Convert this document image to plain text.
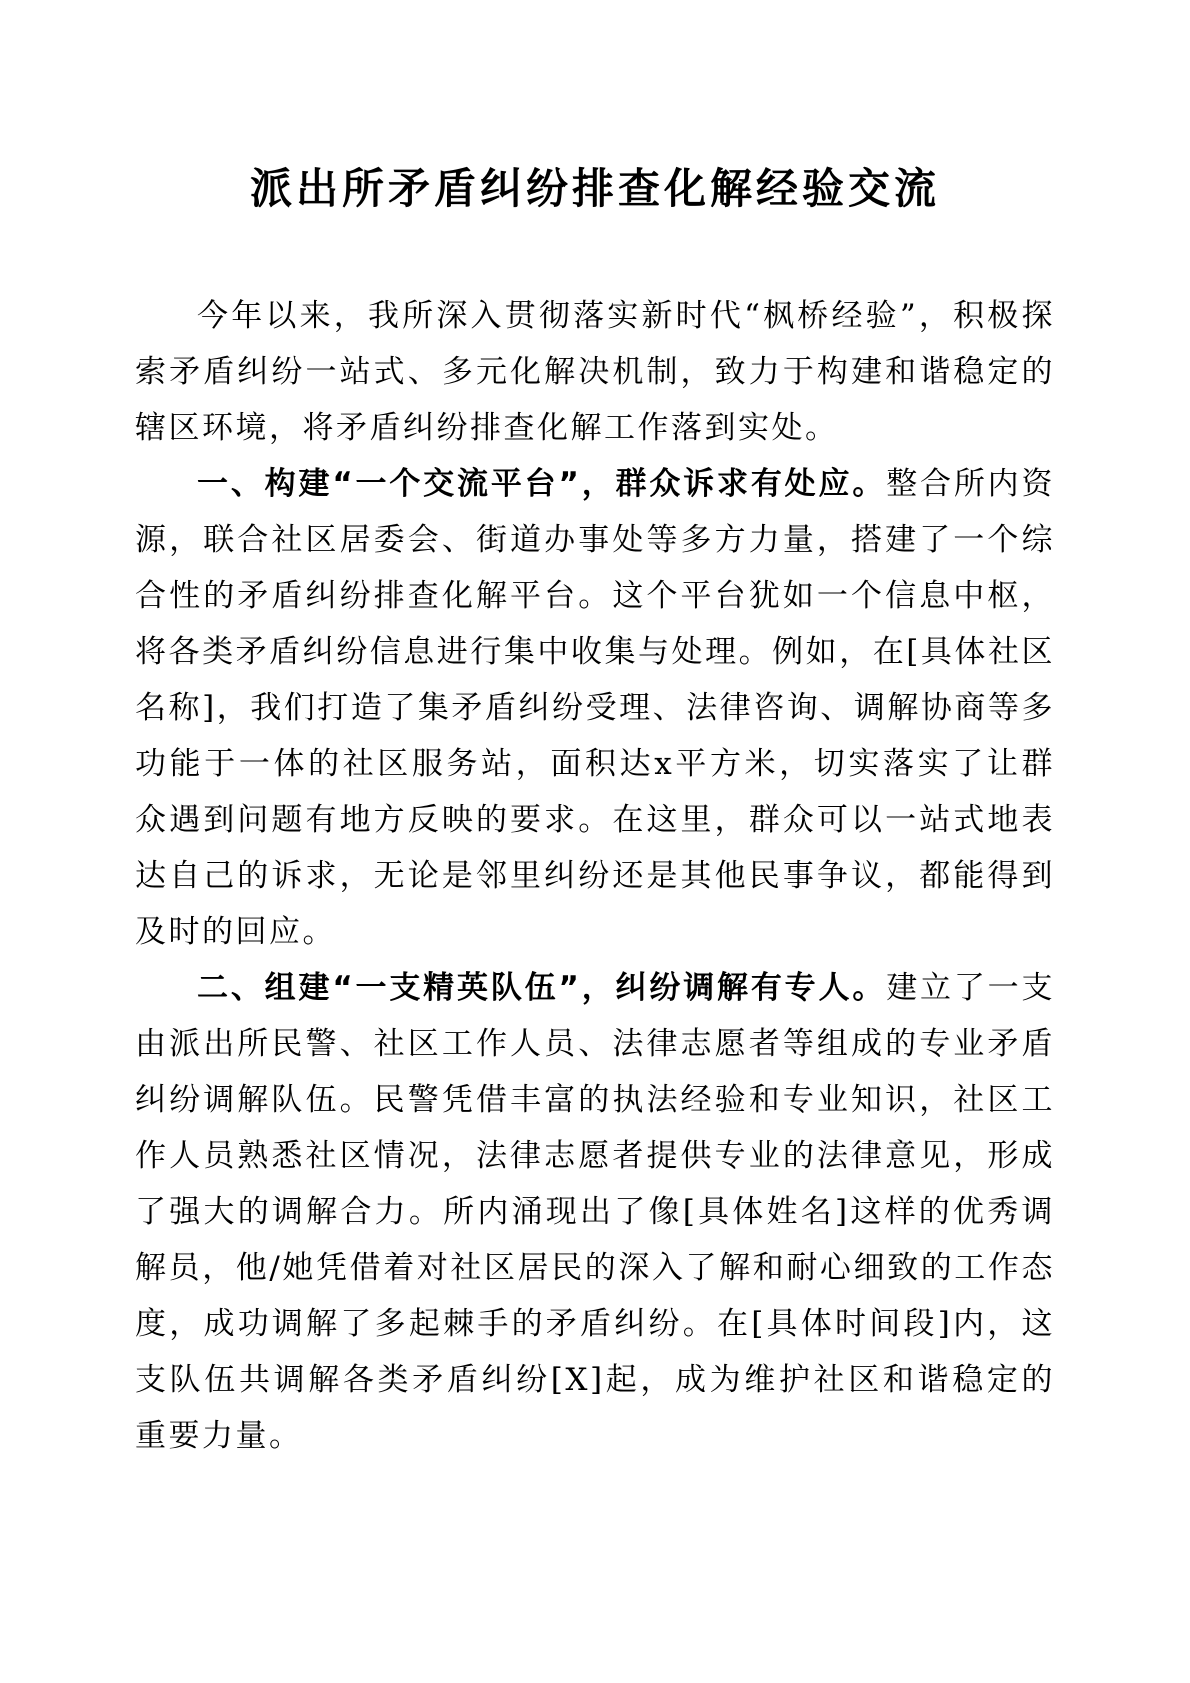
派出所矛盾纠纷排查化解经验交流

今年以来，我所深入贯彻落实新时代“枫桥经验”，积极探索矛盾纠纷一站式、多元化解决机制，致力于构建和谐稳定的辖区环境，将矛盾纠纷排查化解工作落到实处。

一、构建“一个交流平台”，群众诉求有处应。整合所内资源，联合社区居委会、街道办事处等多方力量，搭建了一个综合性的矛盾纠纷排查化解平台。这个平台犹如一个信息中枢，将各类矛盾纠纷信息进行集中收集与处理。例如，在[具体社区名称]，我们打造了集矛盾纠纷受理、法律咨询、调解协商等多功能于一体的社区服务站，面积达x平方米，切实落实了让群众遇到问题有地方反映的要求。在这里，群众可以一站式地表达自己的诉求，无论是邻里纠纷还是其他民事争议，都能得到及时的回应。

二、组建“一支精英队伍”，纠纷调解有专人。建立了一支由派出所民警、社区工作人员、法律志愿者等组成的专业矛盾纠纷调解队伍。民警凭借丰富的执法经验和专业知识，社区工作人员熟悉社区情况，法律志愿者提供专业的法律意见，形成了强大的调解合力。所内涌现出了像[具体姓名]这样的优秀调解员，他/她凭借着对社区居民的深入了解和耐心细致的工作态度，成功调解了多起棘手的矛盾纠纷。在[具体时间段]内，这支队伍共调解各类矛盾纠纷[X]起，成为维护社区和谐稳定的重要力量。
